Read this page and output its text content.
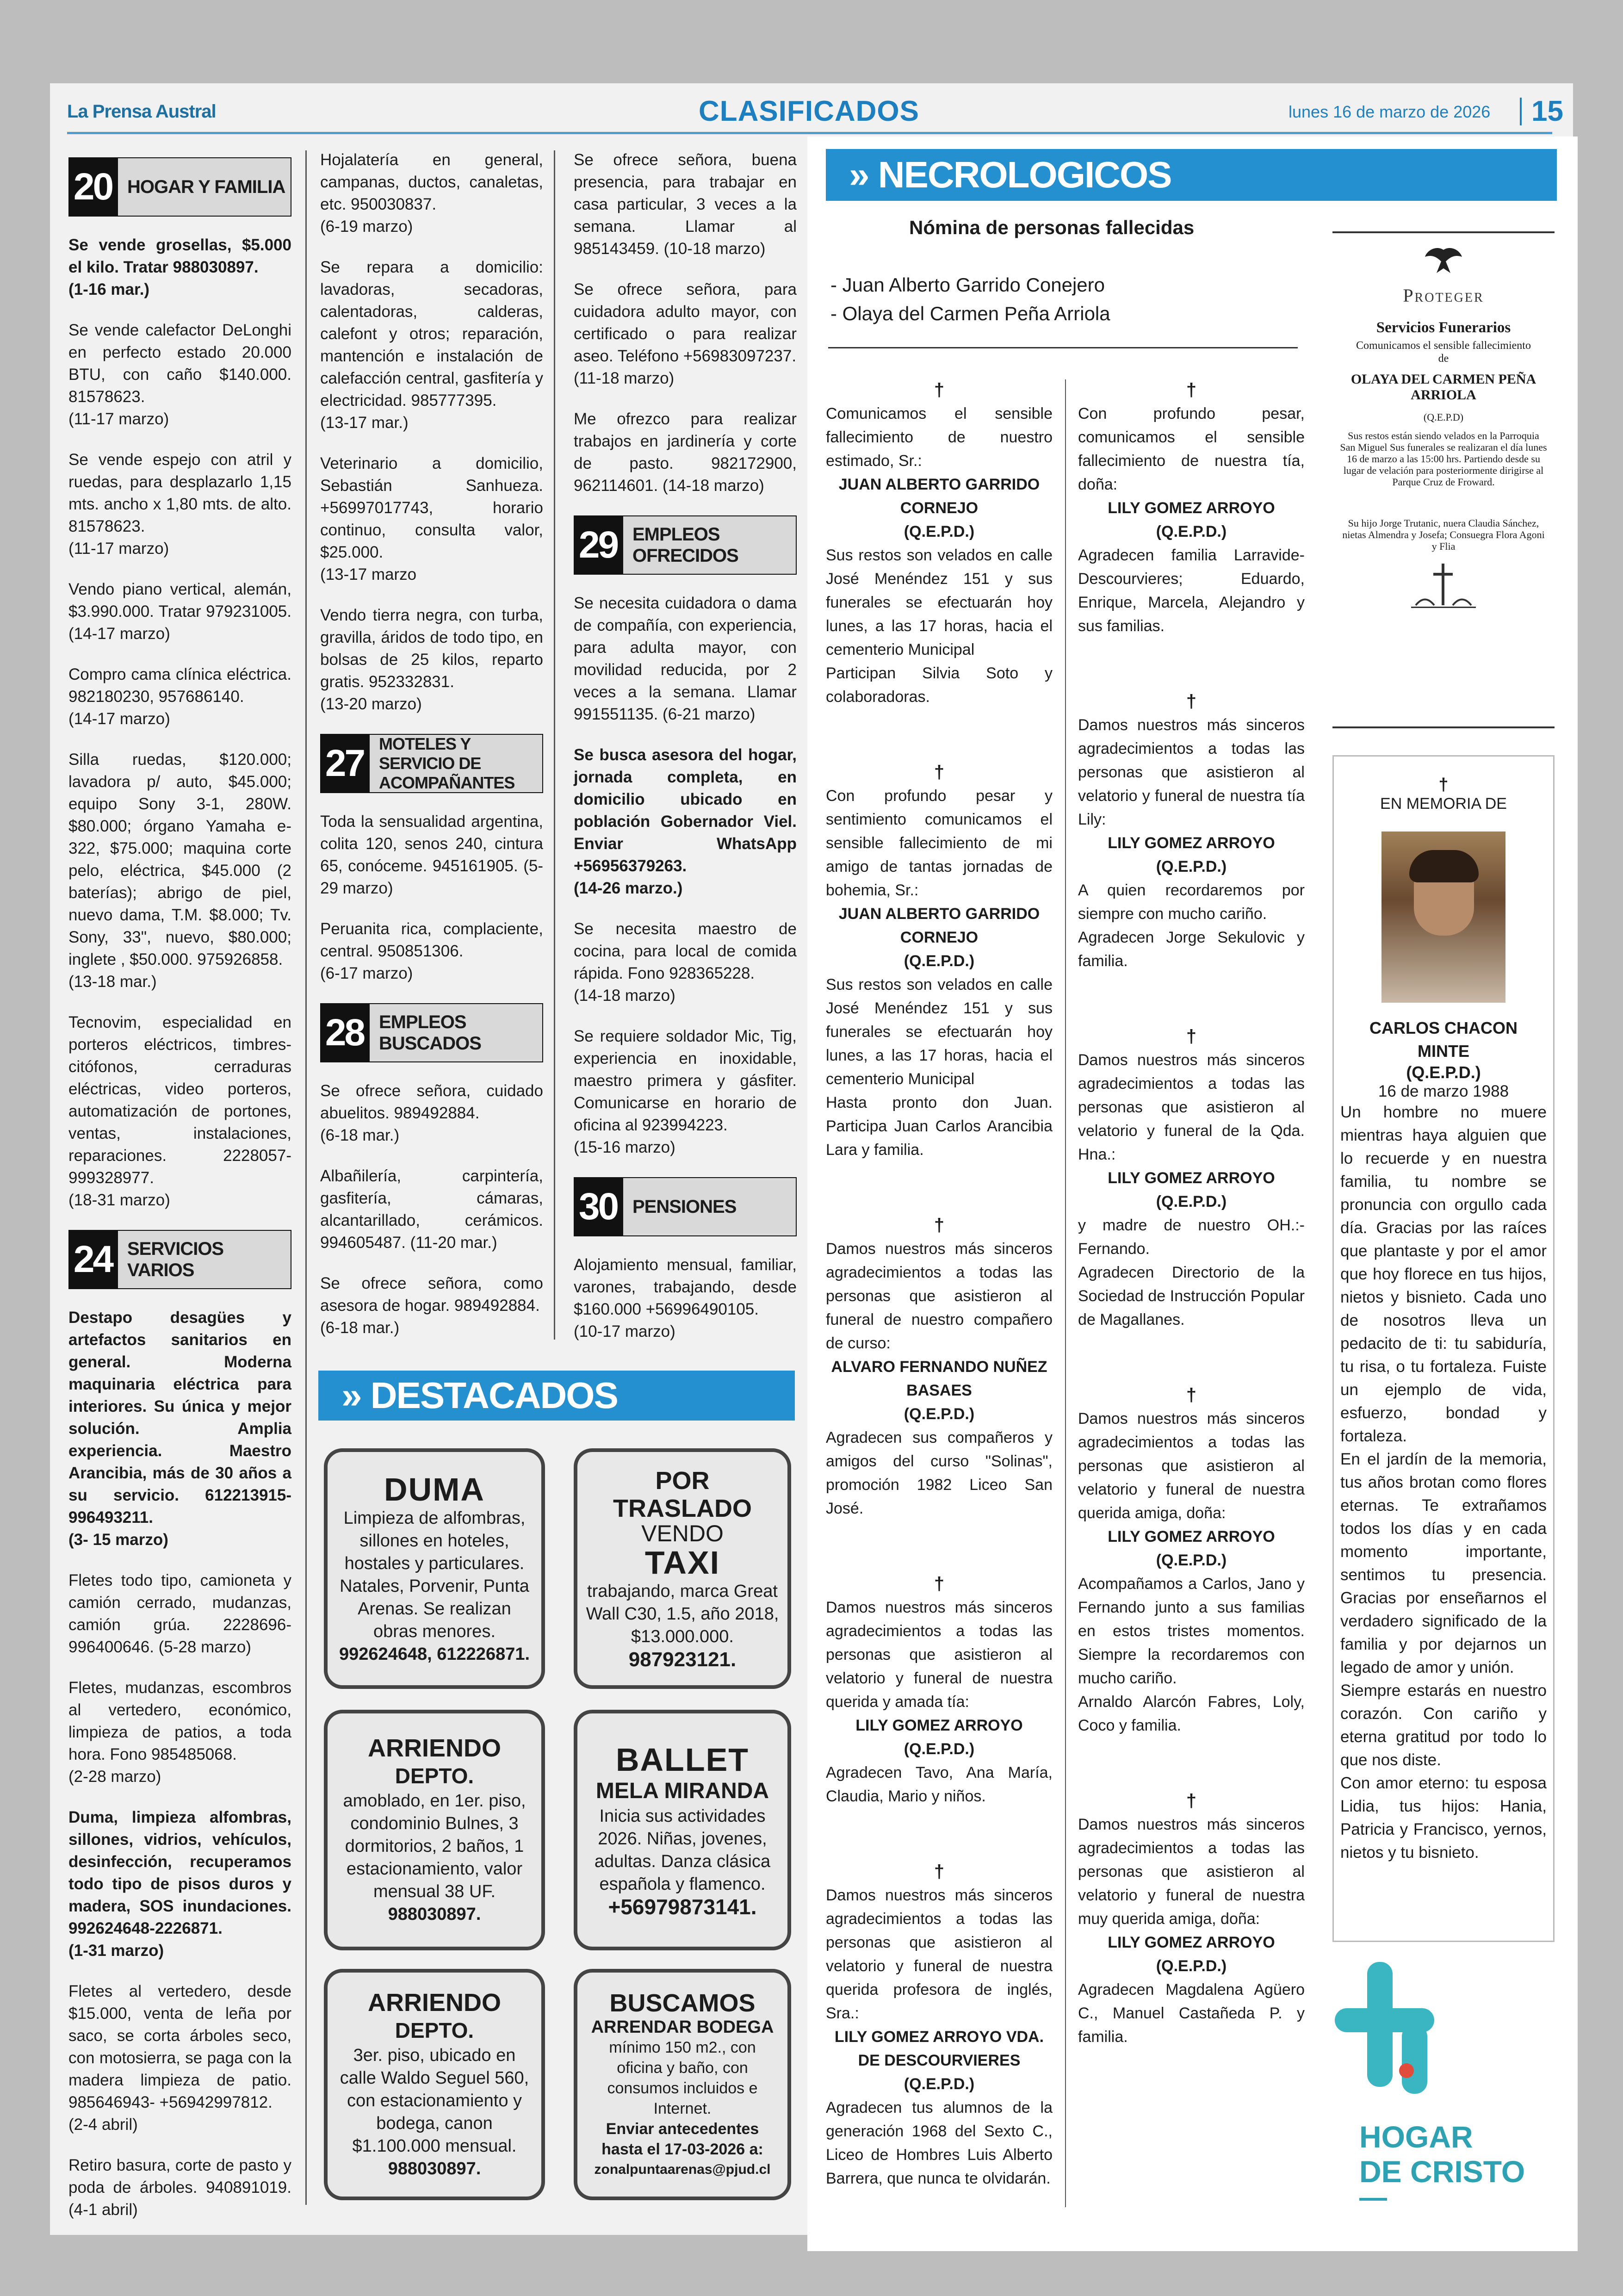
La Prensa Austral	CLASIFICADOS	lunes 16 de marzo de 2026 15
20 HOGAR Y FAMILIA

Se vende grosellas, $5.000 el kilo. Tratar 988030897.
(1-16 mar.)

Se vende calefactor DeLonghi en perfecto estado 20.000 BTU, con caño $140.000. 81578623.
(11-17 marzo)

Se vende espejo con atril y ruedas, para desplazarlo 1,15 mts. ancho x 1,80 mts. de alto. 81578623.
(11-17 marzo)

Vendo piano vertical, alemán, $3.990.000. Tratar 979231005. (14-17 marzo)

Compro cama clínica eléctrica. 982180230, 957686140.
(14-17 marzo)

Silla ruedas, $120.000; lavadora p/ auto, $45.000; equipo Sony 3-1, 280W. $80.000; órgano Yamaha e-322, $75.000; maquina corte pelo, eléctrica, $45.000 (2 baterías); abrigo de piel, nuevo dama, T.M. $8.000; Tv. Sony, 33", nuevo, $80.000; inglete , $50.000. 975926858.
(13-18 mar.)

Tecnovim, especialidad en porteros eléctricos, timbres- citófonos, cerraduras eléctricas, video porteros, automatización de portones, ventas, instalaciones, reparaciones. 2228057-999328977.
(18-31 marzo)

24 SERVICIOS VARIOS

Destapo desagües y artefactos sanitarios en general. Moderna maquinaria eléctrica para interiores. Su única y mejor solución. Amplia experiencia. Maestro Arancibia, más de 30 años a su servicio. 612213915- 996493211.
(3- 15 marzo)

Fletes todo tipo, camioneta y camión cerrado, mudanzas, camión grúa. 2228696-996400646. (5-28 marzo)

Fletes, mudanzas, escombros al vertedero, económico, limpieza de patios, a toda hora. Fono 985485068.
(2-28 marzo)

Duma, limpieza alfombras, sillones, vidrios, vehículos, desinfección, recuperamos todo tipo de pisos duros y madera, SOS inundaciones. 992624648-2226871.
(1-31 marzo)

Fletes al vertedero, desde $15.000, venta de leña por saco, se corta árboles seco, con motosierra, se paga con la madera limpieza de patio. 985646943- +56942997812.
(2-4 abril)

Retiro basura, corte de pasto y poda de árboles. 940891019. (4-1 abril)

Hojalatería en general, campanas, ductos, canaletas, etc. 950030837.
(6-19 marzo)

Se repara a domicilio: lavadoras, secadoras, calentadoras, calderas, calefont y otros; reparación, mantención e instalación de calefacción central, gasfitería y electricidad. 985777395.
(13-17 mar.)

Veterinario a domicilio, Sebastián Sanhueza. +56997017743, horario continuo, consulta valor, $25.000.
(13-17 marzo

Vendo tierra negra, con turba, gravilla, áridos de todo tipo, en bolsas de 25 kilos, reparto gratis. 952332831.
(13-20 marzo)

27 MOTELES Y SERVICIO DE ACOMPAÑANTES

Toda la sensualidad argentina, colita 120, senos 240, cintura 65, conóceme. 945161905. (5-29 marzo)

Peruanita rica, complaciente, central. 950851306.
(6-17 marzo)

28 EMPLEOS BUSCADOS

Se ofrece señora, cuidado abuelitos. 989492884.
(6-18 mar.)

Albañilería, carpintería, gasfitería, cámaras, alcantarillado, cerámicos. 994605487. (11-20 mar.)

Se ofrece señora, como asesora de hogar. 989492884.
(6-18 mar.)

Se ofrece señora, buena presencia, para trabajar en casa particular, 3 veces a la semana. Llamar al 985143459. (10-18 marzo)

Se ofrece señora, para cuidadora adulto mayor, con certificado o para realizar aseo. Teléfono +56983097237.
(11-18 marzo)

Me ofrezco para realizar trabajos en jardinería y corte de pasto. 982172900, 962114601. (14-18 marzo)

29 EMPLEOS OFRECIDOS

Se necesita cuidadora o dama de compañía, con experiencia, para adulta mayor, con movilidad reducida, por 2 veces a la semana. Llamar 991551135. (6-21 marzo)

Se busca asesora del hogar, jornada completa, en domicilio ubicado en población Gobernador Viel. Enviar WhatsApp +56956379263.
(14-26 marzo.)

Se necesita maestro de cocina, para local de comida rápida. Fono 928365228.
(14-18 marzo)

Se requiere soldador Mic, Tig, experiencia en inoxidable, maestro primera y gásfiter. Comunicarse en horario de oficina al 923994223.
(15-16 marzo)

30 PENSIONES

Alojamiento mensual, familiar, varones, trabajando, desde $160.000 +56996490105.
(10-17 marzo)

» DESTACADOS
DUMA
Limpieza de alfombras, sillones en hoteles, hostales y particulares. Natales, Porvenir, Punta Arenas. Se realizan obras menores.
992624648, 612226871.
POR TRASLADO
VENDO
TAXI
trabajando, marca Great Wall C30, 1.5, año 2018, $13.000.000.
987923121.
ARRIENDO
DEPTO.
amoblado, en 1er. piso, condominio Bulnes, 3 dormitorios, 2 baños, 1 estacionamiento, valor mensual 38 UF.
988030897.
BALLET
MELA MIRANDA
Inicia sus actividades 2026. Niñas, jovenes, adultas. Danza clásica española y flamenco.
+56979873141.
ARRIENDO
DEPTO.
3er. piso, ubicado en calle Waldo Seguel 560, con estacionamiento y bodega, canon $1.100.000 mensual.
988030897.
BUSCAMOS
ARRENDAR BODEGA
mínimo 150 m2., con oficina y baño, con consumos incluidos e Internet.
Enviar antecedentes hasta el 17-03-2026 a:
zonalpuntaarenas@pjud.cl
» NECROLOGICOS
Nómina de personas fallecidas
- Juan Alberto Garrido Conejero
- Olaya del Carmen Peña Arriola
†
Comunicamos el sensible fallecimiento de nuestro estimado, Sr.:
JUAN ALBERTO GARRIDO CORNEJO
(Q.E.P.D.)
Sus restos son velados en calle José Menéndez 151 y sus funerales se efectuarán hoy lunes, a las 17 horas, hacia el cementerio Municipal
Participan Silvia Soto y colaboradoras.
†
Con profundo pesar y sentimiento comunicamos el sensible fallecimiento de mi amigo de tantas jornadas de bohemia, Sr.:
JUAN ALBERTO GARRIDO CORNEJO
(Q.E.P.D.)
Sus restos son velados en calle José Menéndez 151 y sus funerales se efectuarán hoy lunes, a las 17 horas, hacia el cementerio Municipal
Hasta pronto don Juan. Participa Juan Carlos Arancibia Lara y familia.
†
Damos nuestros más sinceros agradecimientos a todas las personas que asistieron al funeral de nuestro compañero de curso:
ALVARO FERNANDO NUÑEZ BASAES
(Q.E.P.D.)
Agradecen sus compañeros y amigos del curso "Solinas", promoción 1982 Liceo San José.
†
Damos nuestros más sinceros agradecimientos a todas las personas que asistieron al velatorio y funeral de nuestra querida y amada tía:
LILY GOMEZ ARROYO
(Q.E.P.D.)
Agradecen Tavo, Ana María, Claudia, Mario y niños.
†
Damos nuestros más sinceros agradecimientos a todas las personas que asistieron al velatorio y funeral de nuestra querida profesora de inglés, Sra.:
LILY GOMEZ ARROYO VDA. DE DESCOURVIERES
(Q.E.P.D.)
Agradecen tus alumnos de la generación 1968 del Sexto C., Liceo de Hombres Luis Alberto Barrera, que nunca te olvidarán.
†
Con profundo pesar, comunicamos el sensible fallecimiento de nuestra tía, doña:
LILY GOMEZ ARROYO
(Q.E.P.D.)
Agradecen familia Larravide- Descourvieres; Eduardo, Enrique, Marcela, Alejandro y sus familias.
†
Damos nuestros más sinceros agradecimientos a todas las personas que asistieron al velatorio y funeral de nuestra tía Lily:
LILY GOMEZ ARROYO
(Q.E.P.D.)
A quien recordaremos por siempre con mucho cariño.
Agradecen Jorge Sekulovic y familia.
†
Damos nuestros más sinceros agradecimientos a todas las personas que asistieron al velatorio y funeral de la Qda. Hna.:
LILY GOMEZ ARROYO
(Q.E.P.D.)
y madre de nuestro OH.:- Fernando.
Agradecen Directorio de la Sociedad de Instrucción Popular de Magallanes.
†
Damos nuestros más sinceros agradecimientos a todas las personas que asistieron al velatorio y funeral de nuestra querida amiga, doña:
LILY GOMEZ ARROYO
(Q.E.P.D.)
Acompañamos a Carlos, Jano y Fernando junto a sus familias en estos tristes momentos. Siempre la recordaremos con mucho cariño.
Arnaldo Alarcón Fabres, Loly, Coco y familia.
†
Damos nuestros más sinceros agradecimientos a todas las personas que asistieron al velatorio y funeral de nuestra muy querida amiga, doña:
LILY GOMEZ ARROYO
(Q.E.P.D.)
Agradecen Magdalena Agüero C., Manuel Castañeda P. y familia.
Proteger
Servicios Funerarios
Comunicamos el sensible fallecimiento de
OLAYA DEL CARMEN PEÑA ARRIOLA
(Q.E.P.D)
Sus restos están siendo velados en la Parroquia San Miguel Sus funerales se realizaran el día lunes 16 de marzo a las 15:00 hrs. Partiendo desde su lugar de velación para posteriormente dirigirse al Parque Cruz de Froward.
Su hijo Jorge Trutanic, nuera Claudia Sánchez, nietas Almendra y Josefa; Consuegra Flora Agoni y Flia
†
EN MEMORIA DE
CARLOS CHACON MINTE
(Q.E.P.D.)
16 de marzo 1988
Un hombre no muere mientras haya alguien que lo recuerde y en nuestra familia, tu nombre se pronuncia con orgullo cada día. Gracias por las raíces que plantaste y por el amor que hoy florece en tus hijos, nietos y bisnieto. Cada uno de nosotros lleva un pedacito de ti: tu sabiduría, tu risa, o tu fortaleza. Fuiste un ejemplo de vida, esfuerzo, bondad y fortaleza.
En el jardín de la memoria, tus años brotan como flores eternas. Te extrañamos todos los días y en cada momento importante, sentimos tu presencia. Gracias por enseñarnos el verdadero significado de la familia y por dejarnos un legado de amor y unión.
Siempre estarás en nuestro corazón. Con cariño y eterna gratitud por todo lo que nos diste.
Con amor eterno: tu esposa Lidia, tus hijos: Hania, Patricia y Francisco, yernos, nietos y tu bisnieto.
HOGAR
DE CRISTO
